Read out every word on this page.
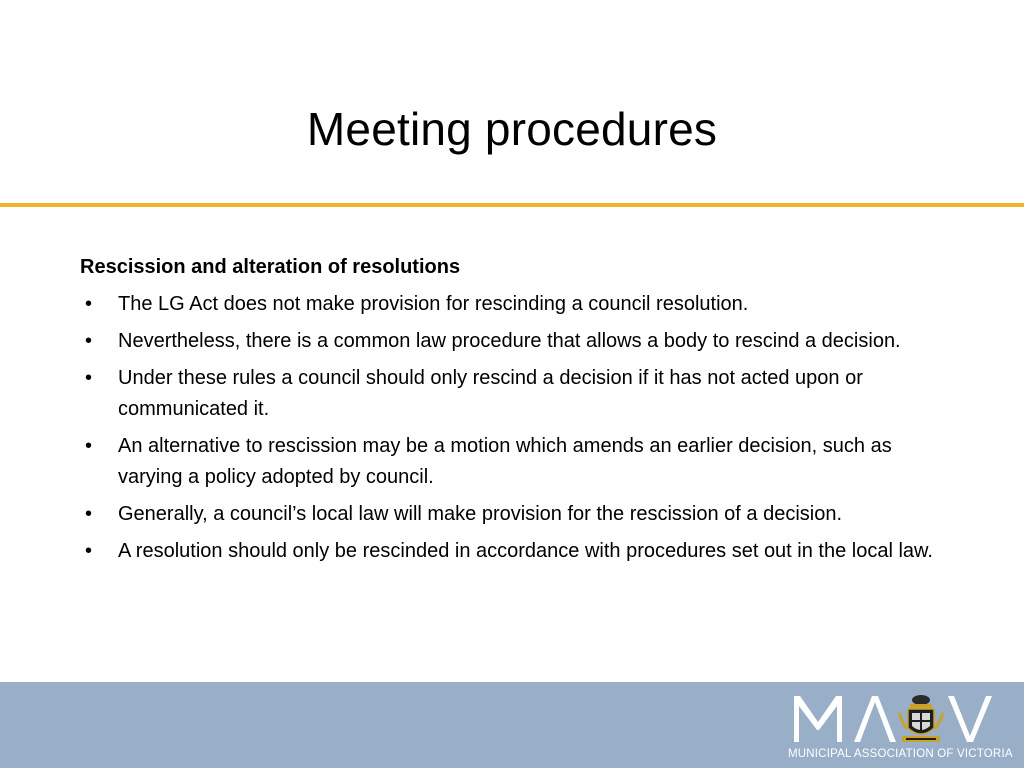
Meeting procedures
Rescission and alteration of resolutions
• The LG Act does not make provision for rescinding a council resolution.
• Nevertheless, there is a common law procedure that allows a body to rescind a decision.
• Under these rules a council should only rescind a decision if it has not acted upon or communicated it.
• An alternative to rescission may be a motion which amends an earlier decision, such as varying a policy adopted by council.
• Generally, a council’s local law will make provision for the rescission of a decision.
• A resolution should only be rescinded in accordance with procedures set out in the local law.
MUNICIPAL ASSOCIATION OF VICTORIA
